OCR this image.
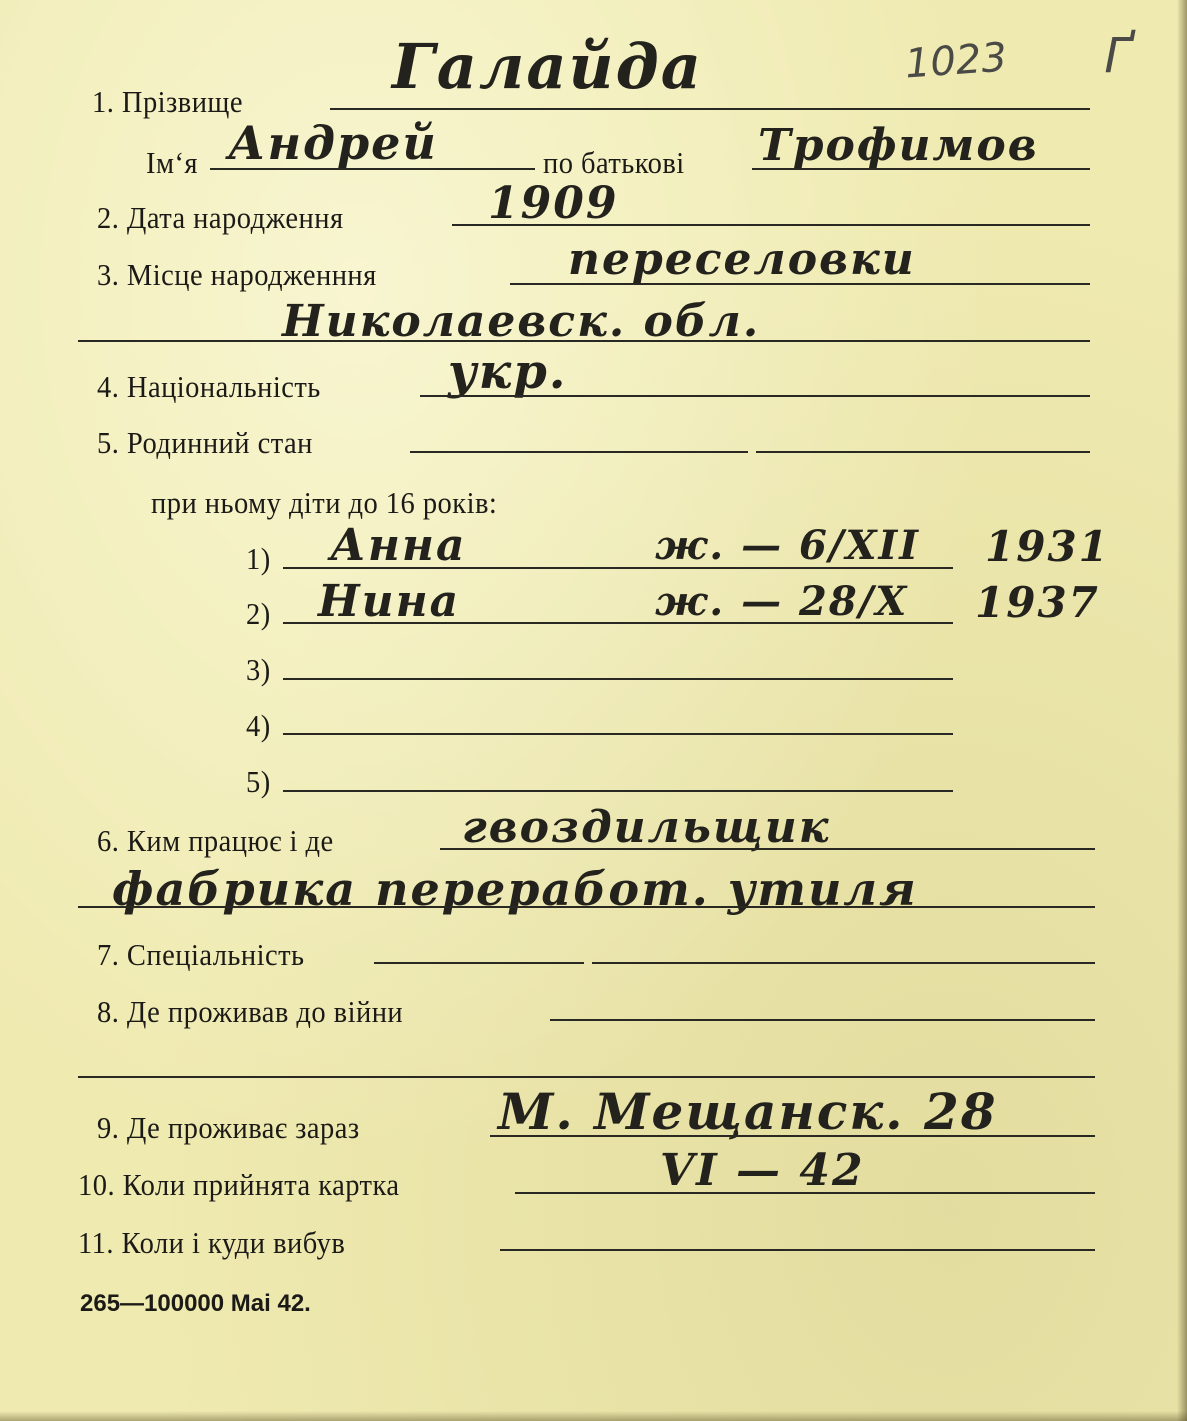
1023 Ґ
1. Прізвище Галайда
Ім‘я Андрей	по батькові Трофимов
2. Дата народження	1909
3. Місце народженння	переселовки
Николаевск. обл.
4. Національність	укр.
5. Родинний стан
при ньому діти до 16 років:
1) Анна	ж. — 6/XII 1931
2) Нина	ж. — 28/X 1937
3)
4)
5)
6. Ким працює і де	гвоздильщик
фабрика переработ. утиля
7. Спеціальність
8. Де проживав до війни
9. Де проживає зараз	М. Мещанск. 28
10. Коли прийнята картка	VI — 42
11. Коли і куди вибув
265—100000 Mai 42.
